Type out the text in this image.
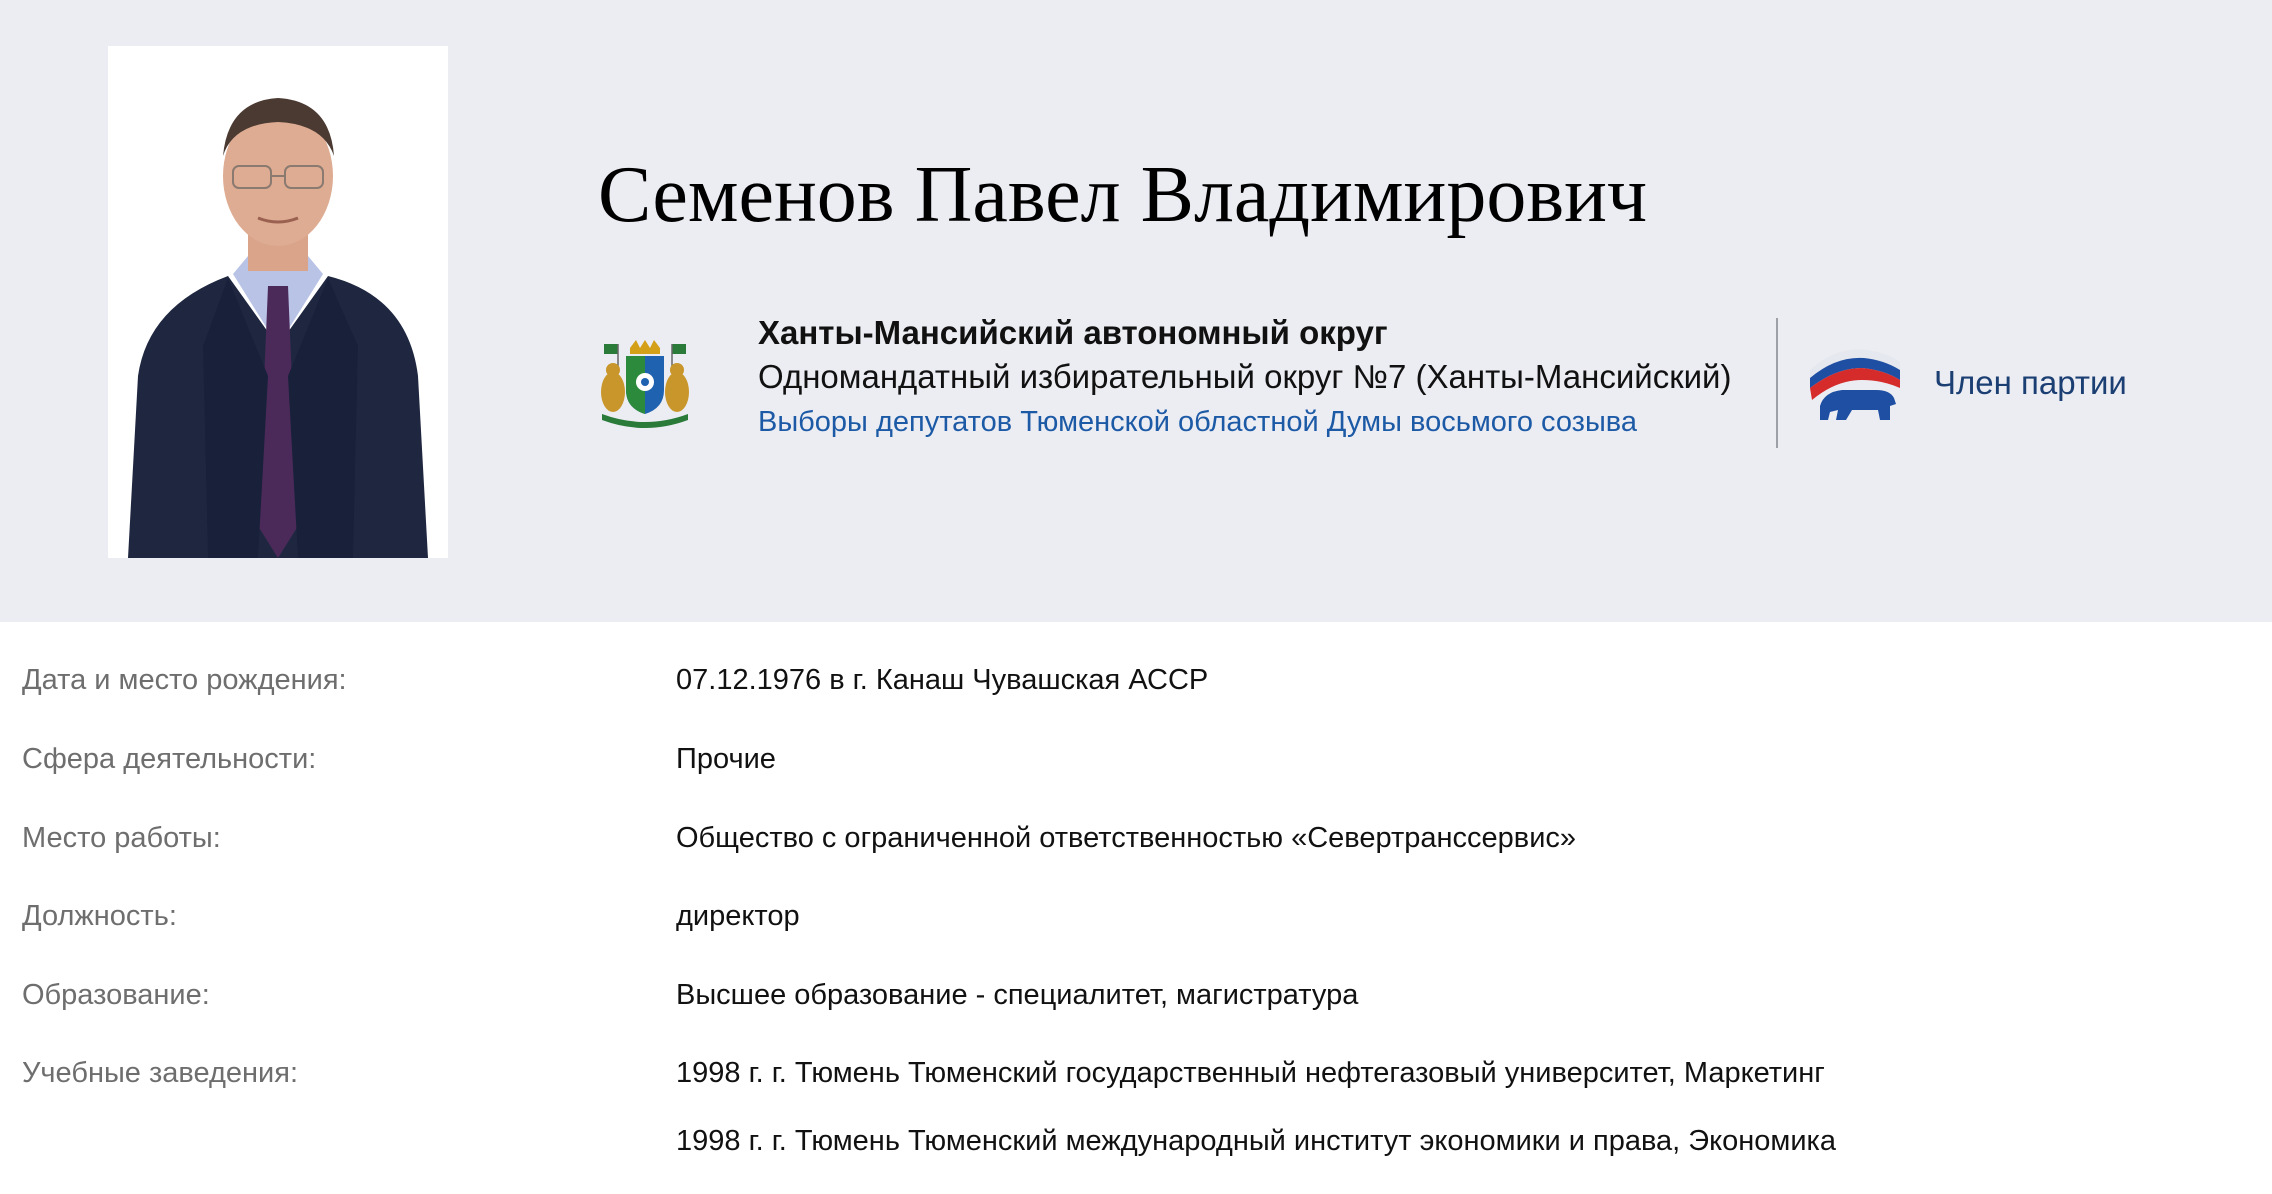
Семенов Павел Владимирович
Ханты-Мансийский автономный округ
Одномандатный избирательный округ №7 (Ханты-Мансийский)
Выборы депутатов Тюменской областной Думы восьмого созыва
Член партии
Дата и место рождения:	07.12.1976 в г. Канаш Чувашская АССР
Сфера деятельности:	Прочие
Место работы:	Общество с ограниченной ответственностью «Севертранссервис»
Должность:	директор
Образование:	Высшее образование - специалитет, магистратура
Учебные заведения:	1998 г. г. Тюмень Тюменский государственный нефтегазовый университет, Маркетинг
1998 г. г. Тюмень Тюменский международный институт экономики и права, Экономика
